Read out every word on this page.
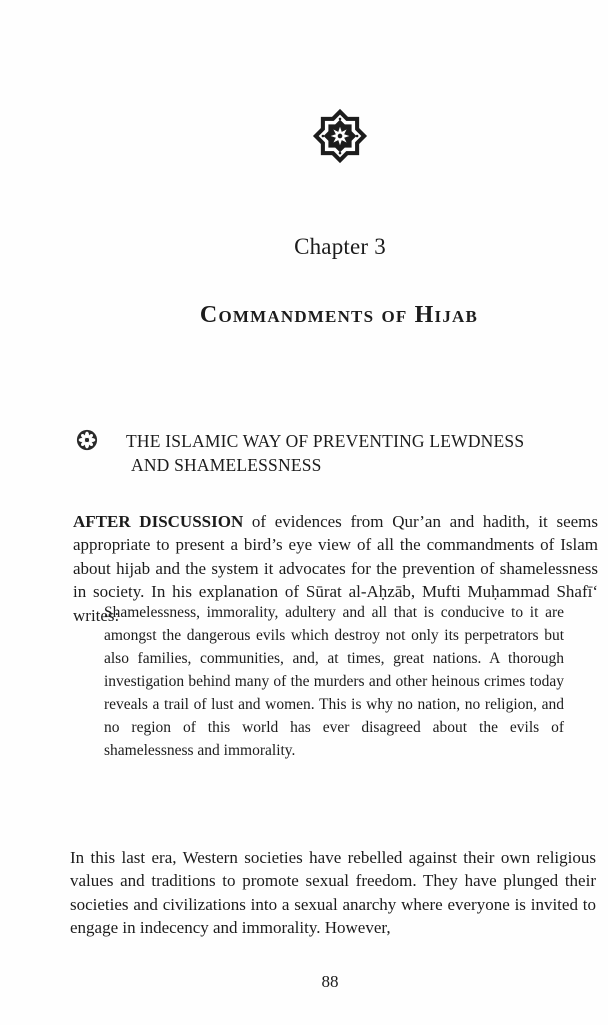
Chapter 3
Commandments of Hijab
THE ISLAMIC WAY OF PREVENTING LEWDNESS
AND SHAMELESSNESS

AFTER DISCUSSION of evidences from Qur’an and hadith, it seems appropriate to present a bird’s eye view of all the commandments of Islam about hijab and the system it advocates for the prevention of shamelessness in society. In his explanation of Sūrat al-Aḥzāb, Mufti Muḥammad Shafī‘ writes:

Shamelessness, immorality, adultery and all that is conducive to it are amongst the dangerous evils which destroy not only its perpetrators but also families, communities, and, at times, great nations. A thorough investigation behind many of the murders and other heinous crimes today reveals a trail of lust and women. This is why no nation, no religion, and no region of this world has ever disagreed about the evils of shamelessness and immorality.

In this last era, Western societies have rebelled against their own religious values and traditions to promote sexual freedom. They have plunged their societies and civilizations into a sexual anarchy where everyone is invited to engage in indecency and immorality. However,

88
